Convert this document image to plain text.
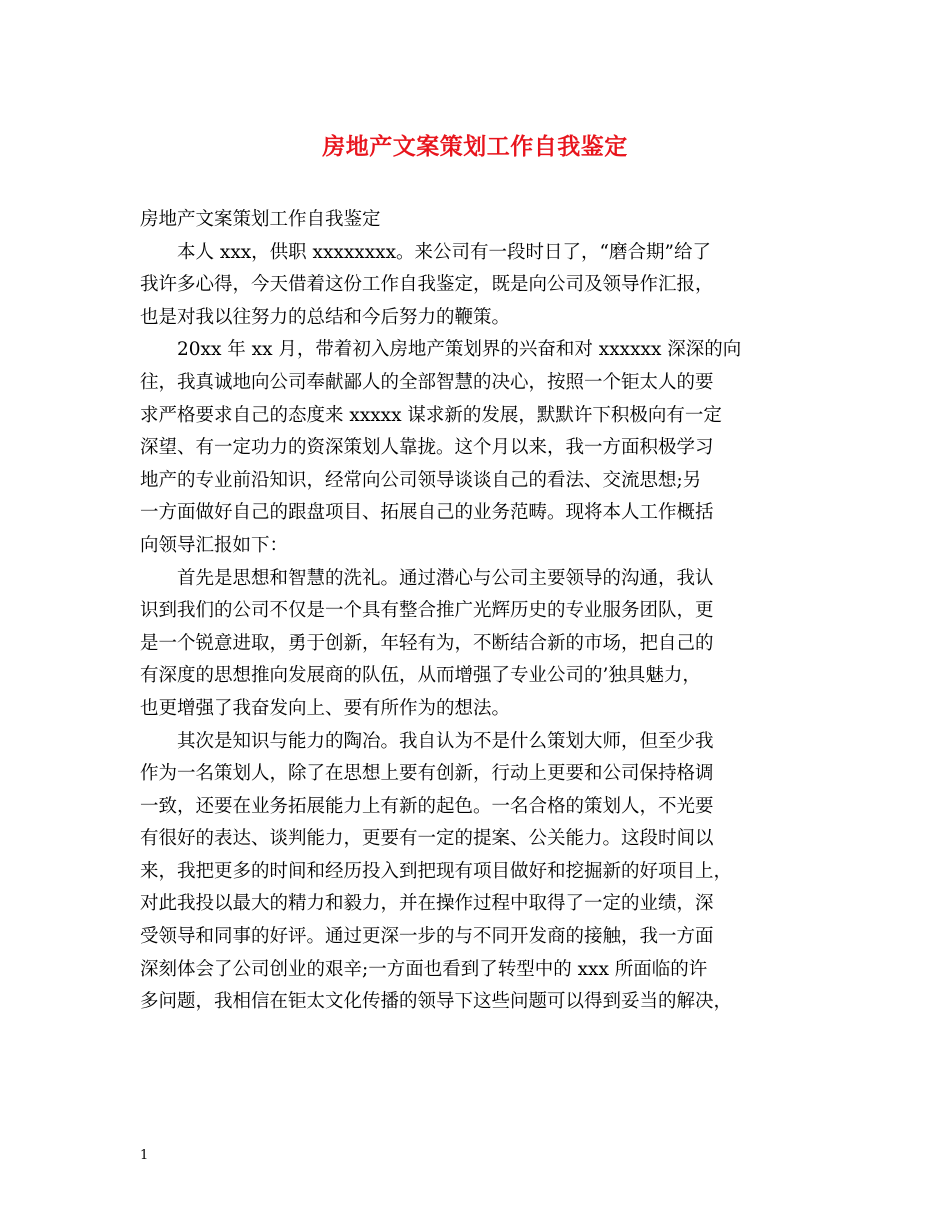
房地产文案策划工作自我鉴定
房地产文案策划工作自我鉴定
本人 xxx，供职 xxxxxxxx。来公司有一段时日了，“磨合期”给了
我许多心得，今天借着这份工作自我鉴定，既是向公司及领导作汇报，
也是对我以往努力的总结和今后努力的鞭策。
20xx 年 xx 月，带着初入房地产策划界的兴奋和对 xxxxxx 深深的向
往，我真诚地向公司奉献鄙人的全部智慧的决心，按照一个钜太人的要
求严格要求自己的态度来 xxxxx 谋求新的发展，默默许下积极向有一定
深望、有一定功力的资深策划人靠拢。这个月以来，我一方面积极学习
地产的专业前沿知识，经常向公司领导谈谈自己的看法、交流思想;另
一方面做好自己的跟盘项目、拓展自己的业务范畴。现将本人工作概括
向领导汇报如下：
首先是思想和智慧的洗礼。通过潜心与公司主要领导的沟通，我认
识到我们的公司不仅是一个具有整合推广光辉历史的专业服务团队，更
是一个锐意进取，勇于创新，年轻有为，不断结合新的市场，把自己的
有深度的思想推向发展商的队伍，从而增强了专业公司的’独具魅力，
也更增强了我奋发向上、要有所作为的想法。
其次是知识与能力的陶冶。我自认为不是什么策划大师，但至少我
作为一名策划人，除了在思想上要有创新，行动上更要和公司保持格调
一致，还要在业务拓展能力上有新的起色。一名合格的策划人，不光要
有很好的表达、谈判能力，更要有一定的提案、公关能力。这段时间以
来，我把更多的时间和经历投入到把现有项目做好和挖掘新的好项目上，
对此我投以最大的精力和毅力，并在操作过程中取得了一定的业绩，深
受领导和同事的好评。通过更深一步的与不同开发商的接触，我一方面
深刻体会了公司创业的艰辛;一方面也看到了转型中的 xxx 所面临的许
多问题，我相信在钜太文化传播的领导下这些问题可以得到妥当的解决，
1
